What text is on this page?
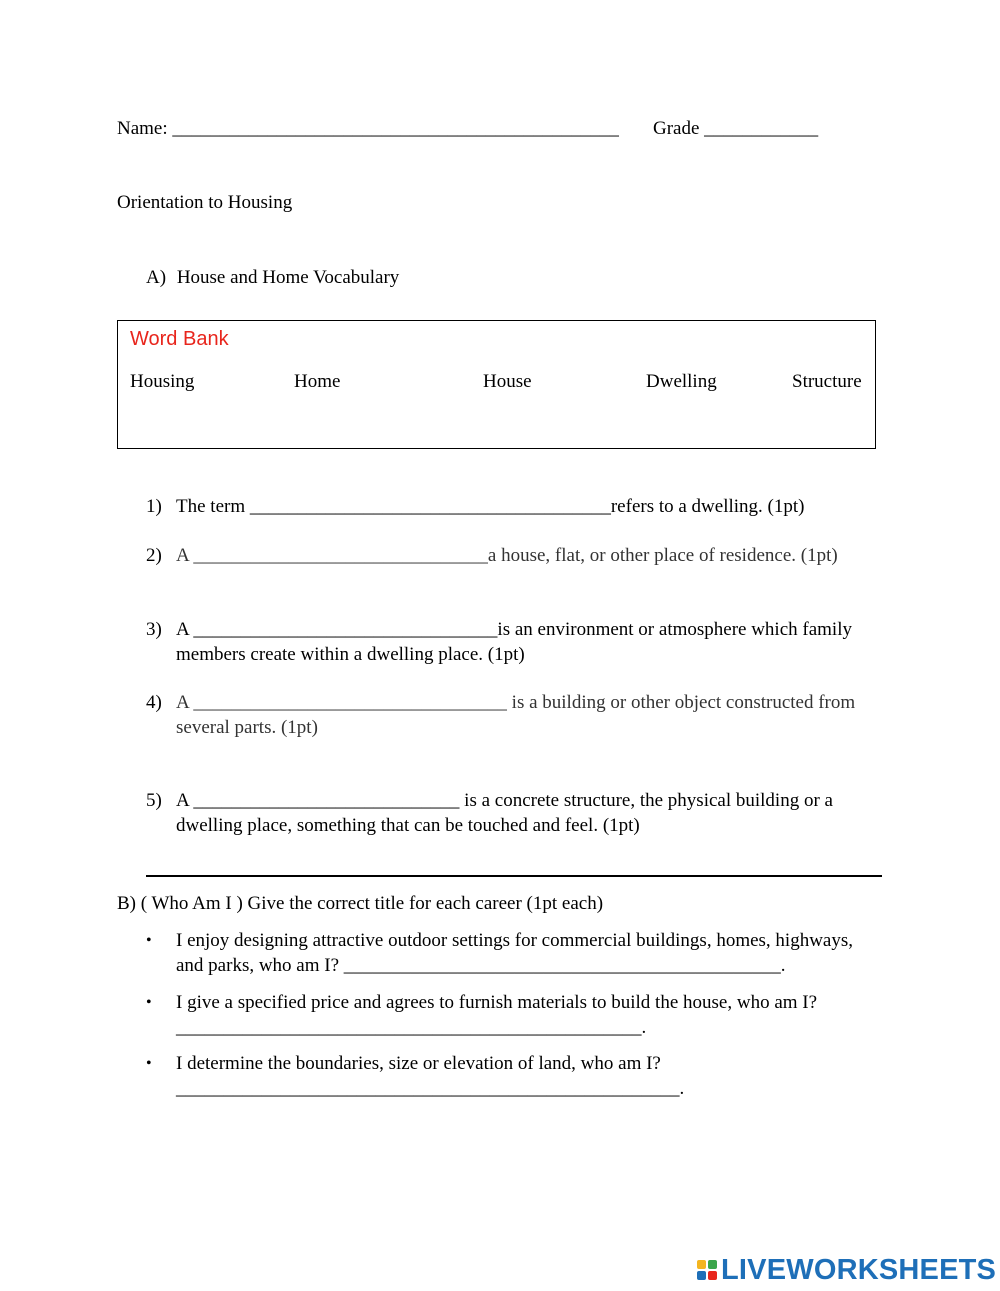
Name: _______________________________________________ Grade ____________
Orientation to Housing
A) House and Home Vocabulary
Word Bank
Housing	Home	House	Dwelling	Structure
1) The term ______________________________________refers to a dwelling. (1pt)
2) A _______________________________a house, flat, or other place of residence. (1pt)
3) A ________________________________is an environment or atmosphere which family
members create within a dwelling place. (1pt)
4) A _________________________________ is a building or other object constructed from
several parts. (1pt)
5) A ____________________________ is a concrete structure, the physical building or a
dwelling place, something that can be touched and feel. (1pt)
B) ( Who Am I ) Give the correct title for each career (1pt each)
• I enjoy designing attractive outdoor settings for commercial buildings, homes, highways,
and parks, who am I? ______________________________________________.
• I give a specified price and agrees to furnish materials to build the house, who am I?
_________________________________________________.
• I determine the boundaries, size or elevation of land, who am I?
_____________________________________________________.
LIVEWORKSHEETS
